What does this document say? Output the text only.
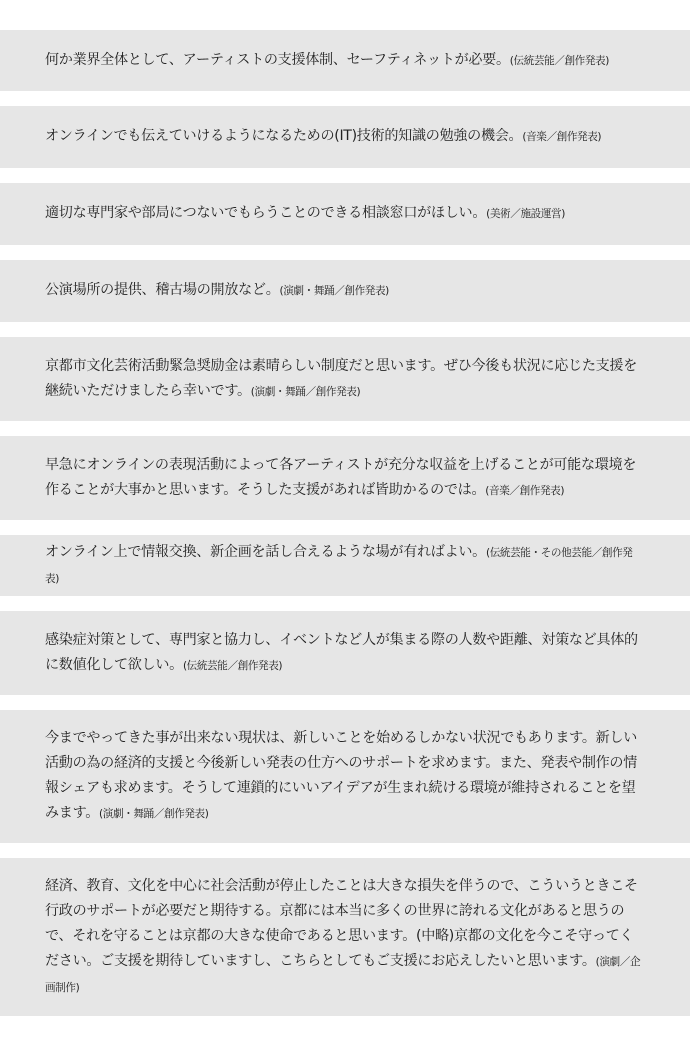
何か業界全体として、アーティストの支援体制、セーフティネットが必要。(伝統芸能／創作発表)

オンラインでも伝えていけるようになるための(IT)技術的知識の勉強の機会。(音楽／創作発表)

適切な専門家や部局につないでもらうことのできる相談窓口がほしい。(美術／施設運営)

公演場所の提供、稽古場の開放など。(演劇・舞踊／創作発表)

京都市文化芸術活動緊急奨励金は素晴らしい制度だと思います。ぜひ今後も状況に応じた支援を継続いただけましたら幸いです。(演劇・舞踊／創作発表)

早急にオンラインの表現活動によって各アーティストが充分な収益を上げることが可能な環境を作ることが大事かと思います。そうした支援があれば皆助かるのでは。(音楽／創作発表)

オンライン上で情報交換、新企画を話し合えるような場が有ればよい。(伝統芸能・その他芸能／創作発表)

感染症対策として、専門家と協力し、イベントなど人が集まる際の人数や距離、対策など具体的に数値化して欲しい。(伝統芸能／創作発表)

今までやってきた事が出来ない現状は、新しいことを始めるしかない状況でもあります。新しい活動の為の経済的支援と今後新しい発表の仕方へのサポートを求めます。また、発表や制作の情報シェアも求めます。そうして連鎖的にいいアイデアが生まれ続ける環境が維持されることを望みます。(演劇・舞踊／創作発表)

経済、教育、文化を中心に社会活動が停止したことは大きな損失を伴うので、こういうときこそ行政のサポートが必要だと期待する。京都には本当に多くの世界に誇れる文化があると思うので、それを守ることは京都の大きな使命であると思います。(中略)京都の文化を今こそ守ってください。ご支援を期待していますし、こちらとしてもご支援にお応えしたいと思います。(演劇／企画制作)
